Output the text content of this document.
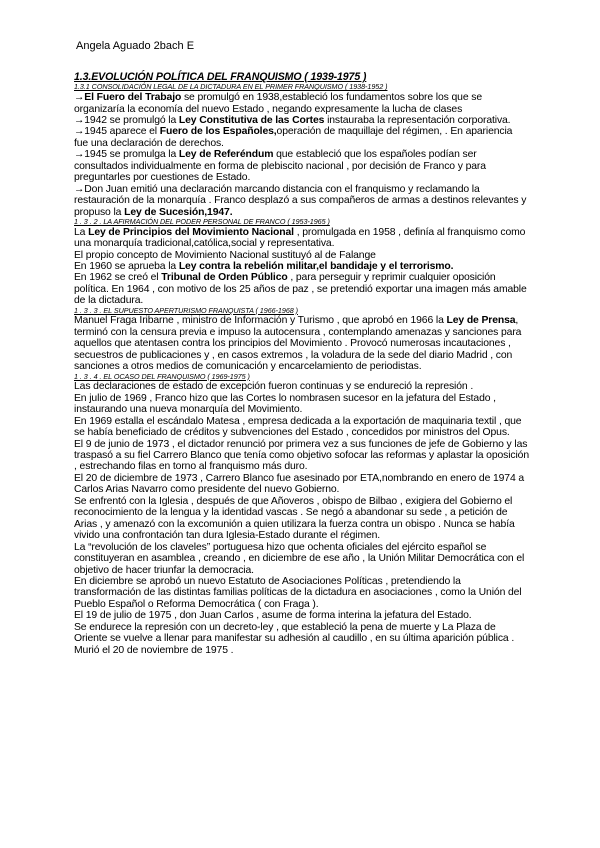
Angela Aguado 2bach E

1.3.EVOLUCIÓN POLÍTICA DEL FRANQUISMO ( 1939-1975 )

1.3.1 CONSOLIDACIÓN LEGAL DE LA DICTADURA EN EL PRIMER FRANQUISMO ( 1938-1952 )

→El Fuero del Trabajo se promulgó en 1938,estableció los fundamentos sobre los que se organizaría la economía del nuevo Estado , negando expresamente la lucha de clases

→1942 se promulgó la Ley Constitutiva de las Cortes instauraba la representación corporativa.

→1945 aparece el Fuero de los Españoles,operación de maquillaje del régimen, . En apariencia fue una declaración de derechos.

→1945 se promulga la Ley de Referéndum que estableció que los españoles podían ser consultados individualmente en forma de plebiscito nacional , por decisión de Franco y para preguntarles por cuestiones de Estado.

→Don Juan emitió una declaración marcando distancia con el franquismo y reclamando la restauración de la monarquía . Franco desplazó a sus compañeros de armas a destinos relevantes y propuso la Ley de Sucesión,1947.

1 . 3 . 2 . LA AFIRMACIÓN DEL PODER PERSONAL DE FRANCO ( 1953-1965 )

La Ley de Principios del Movimiento Nacional , promulgada en 1958 , definía al franquismo como una monarquía tradicional,católica,social y representativa.

El propio concepto de Movimiento Nacional sustituyó al de Falange

En 1960 se aprueba la Ley contra la rebelión militar,el bandidaje y el terrorismo.

En 1962 se creó el Tribunal de Orden Público , para perseguir y reprimir cualquier oposición política. En 1964 , con motivo de los 25 años de paz , se pretendió exportar una imagen más amable de la dictadura.

1 . 3 . 3 . EL SUPUESTO APERTURISMO FRANQUISTA ( 1966-1968 )

Manuel Fraga Iribarne , ministro de Información y Turismo , que aprobó en 1966 la Ley de Prensa, terminó con la censura previa e impuso la autocensura , contemplando amenazas y sanciones para aquellos que atentasen contra los principios del Movimiento . Provocó numerosas incautaciones , secuestros de publicaciones y , en casos extremos , la voladura de la sede del diario Madrid , con sanciones a otros medios de comunicación y encarcelamiento de periodistas.

1 . 3 . 4 . EL OCASO DEL FRANQUISMO ( 1969-1975 )

Las declaraciones de estado de excepción fueron continuas y se endureció la represión .

En julio de 1969 , Franco hizo que las Cortes lo nombrasen sucesor en la jefatura del Estado , instaurando una nueva monarquía del Movimiento.

En 1969 estalla el escándalo Matesa , empresa dedicada a la exportación de maquinaria textil , que se había beneficiado de créditos y subvenciones del Estado , concedidos por ministros del Opus.

El 9 de junio de 1973 , el dictador renunció por primera vez a sus funciones de jefe de Gobierno y las traspasó a su fiel Carrero Blanco que tenía como objetivo sofocar las reformas y aplastar la oposición , estrechando filas en torno al franquismo más duro.

El 20 de diciembre de 1973 , Carrero Blanco fue asesinado por ETA,nombrando en enero de 1974 a Carlos Arias Navarro como presidente del nuevo Gobierno.

Se enfrentó con la Iglesia , después de que Añoveros , obispo de Bilbao , exigiera del Gobierno el reconocimiento de la lengua y la identidad vascas . Se negó a abandonar su sede , a petición de Arias , y amenazó con la excomunión a quien utilizara la fuerza contra un obispo . Nunca se había vivido una confrontación tan dura Iglesia-Estado durante el régimen.

La “revolución de los claveles” portuguesa hizo que ochenta oficiales del ejército español se constituyeran en asamblea , creando , en diciembre de ese año , la Unión Militar Democrática con el objetivo de hacer triunfar la democracia.

En diciembre se aprobó un nuevo Estatuto de Asociaciones Políticas , pretendiendo la transformación de las distintas familias políticas de la dictadura en asociaciones , como la Unión del Pueblo Español o Reforma Democrática ( con Fraga ).

El 19 de julio de 1975 , don Juan Carlos , asume de forma interina la jefatura del Estado.

Se endurece la represión con un decreto-ley , que estableció la pena de muerte y La Plaza de Oriente se vuelve a llenar para manifestar su adhesión al caudillo , en su última aparición pública . Murió el 20 de noviembre de 1975 .
